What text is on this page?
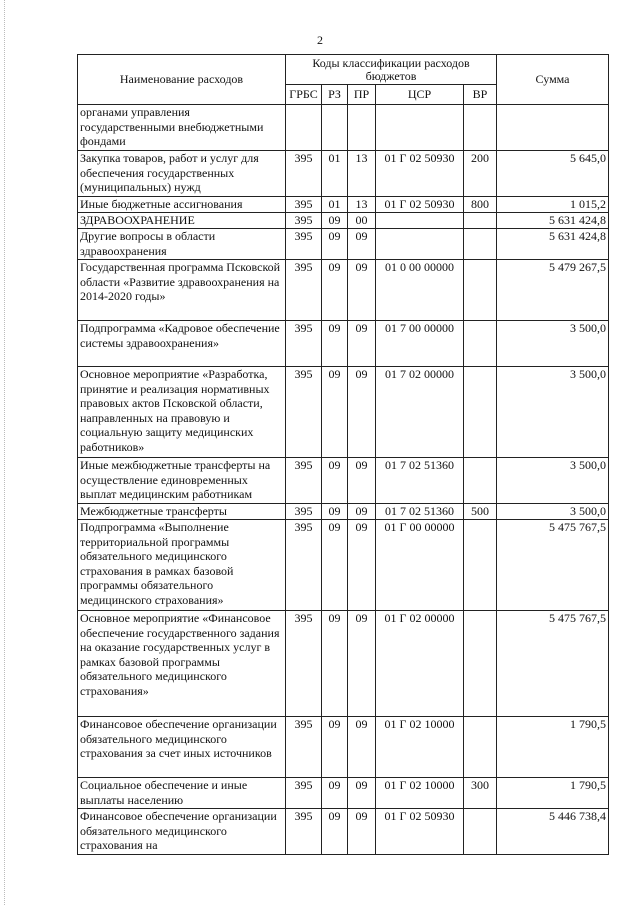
2
Наименование расходов	Коды классификации расходов бюджетов					Сумма
	ГРБС	РЗ	ПР	ЦСР	ВР	
органами управления государственными внебюджетными фондами						
Закупка товаров, работ и услуг для обеспечения государственных (муниципальных) нужд	395	01	13	01 Г 02 50930	200	5 645,0
Иные бюджетные ассигнования	395	01	13	01 Г 02 50930	800	1 015,2
ЗДРАВООХРАНЕНИЕ	395	09	00			5 631 424,8
Другие вопросы в области здравоохранения	395	09	09			5 631 424,8
Государственная программа Псковской области «Развитие здравоохранения на 2014-2020 годы»	395	09	09	01 0 00 00000		5 479 267,5
Подпрограмма «Кадровое обеспечение системы здравоохранения»	395	09	09	01 7 00 00000		3 500,0
Основное мероприятие «Разработка, принятие и реализация нормативных правовых актов Псковской области, направленных на правовую и социальную защиту медицинских работников»	395	09	09	01 7 02 00000		3 500,0
Иные межбюджетные трансферты на осуществление единовременных выплат медицинским работникам	395	09	09	01 7 02 51360		3 500,0
Межбюджетные трансферты	395	09	09	01 7 02 51360	500	3 500,0
Подпрограмма «Выполнение территориальной программы обязательного медицинского страхования в рамках базовой программы обязательного медицинского страхования»	395	09	09	01 Г 00 00000		5 475 767,5
Основное мероприятие «Финансовое обеспечение государственного задания на оказание государственных услуг в рамках базовой программы обязательного медицинского страхования»	395	09	09	01 Г 02 00000		5 475 767,5
Финансовое обеспечение организации обязательного медицинского страхования за счет иных источников	395	09	09	01 Г 02 10000		1 790,5
Социальное обеспечение и иные выплаты населению	395	09	09	01 Г 02 10000	300	1 790,5
Финансовое обеспечение организации обязательного медицинского страхования на	395	09	09	01 Г 02 50930		5 446 738,4
